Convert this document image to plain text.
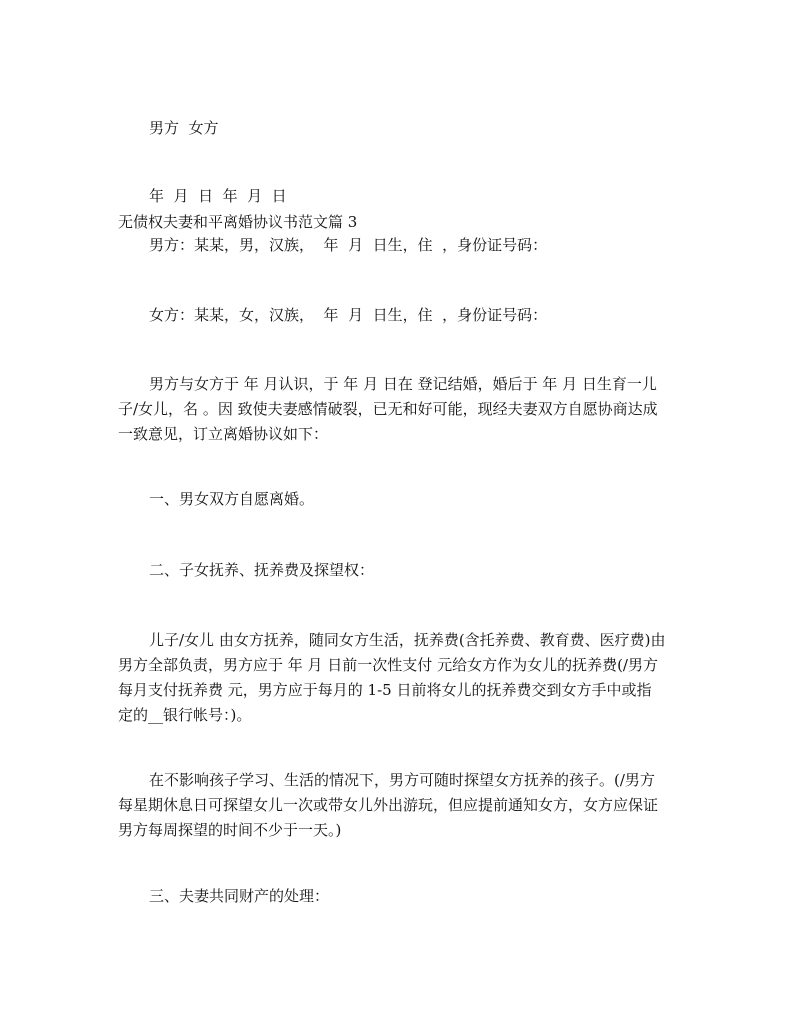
男方  女方
年  月  日  年  月  日
无债权夫妻和平离婚协议书范文篇 3
男方：某某，男，汉族，  年  月  日生，住  ，身份证号码：
女方：某某，女，汉族，  年  月  日生，住  ，身份证号码：
男方与女方于 年 月认识，于 年 月 日在 登记结婚，婚后于 年 月 日生育一儿子/女儿，名 。因 致使夫妻感情破裂，已无和好可能，现经夫妻双方自愿协商达成一致意见，订立离婚协议如下：
一、男女双方自愿离婚。
二、子女抚养、抚养费及探望权：
儿子/女儿 由女方抚养，随同女方生活，抚养费(含托养费、教育费、医疗费)由男方全部负责，男方应于 年 月 日前一次性支付 元给女方作为女儿的抚养费(/男方每月支付抚养费 元，男方应于每月的 1-5 日前将女儿的抚养费交到女方手中或指定的__银行帐号：)。
在不影响孩子学习、生活的情况下，男方可随时探望女方抚养的孩子。(/男方每星期休息日可探望女儿一次或带女儿外出游玩，但应提前通知女方，女方应保证男方每周探望的时间不少于一天。)
三、夫妻共同财产的处理：
